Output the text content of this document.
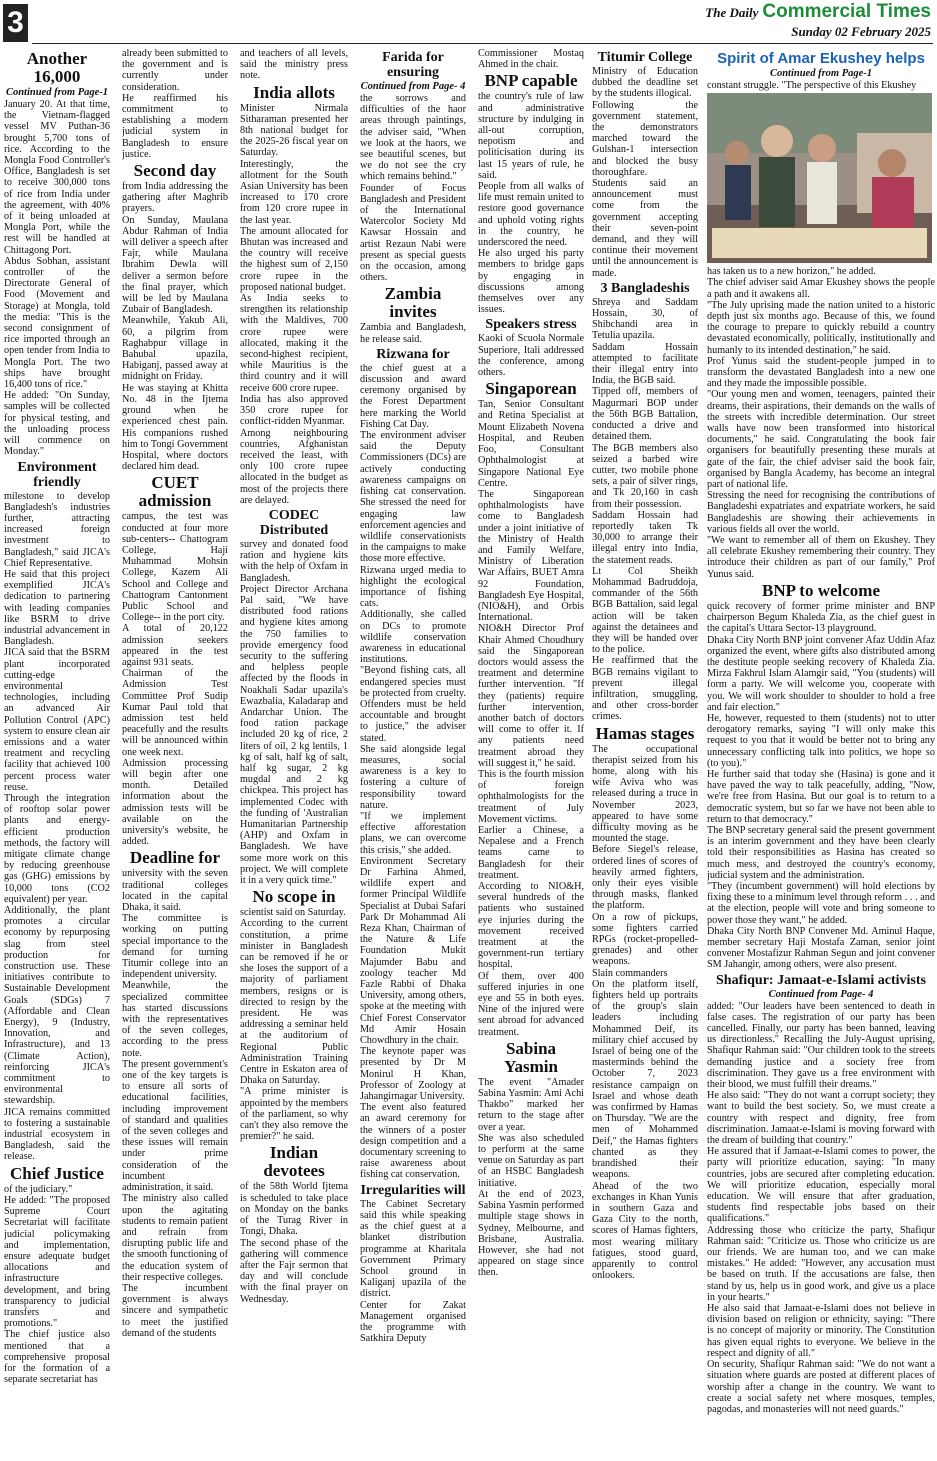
3	The Daily Commercial Times
Sunday 02 February 2025
Another 16,000
Continued from Page-1

January 20. At that time, the Vietnam-flagged vessel MV Puthan-36 brought 5,700 tons of rice. According to the Mongla Food Controller's Office, Bangladesh is set to receive 300,000 tons of rice from India under the agreement, with 40% of it being unloaded at Mongla Port, while the rest will be handled at Chittagong Port.

Abdus Sobhan, assistant controller of the Directorate General of Food (Movement and Storage) at Mongla, told the media: "This is the second consignment of rice imported through an open tender from India to Mongla Port. The two ships have brought 16,400 tons of rice."

He added: "On Sunday, samples will be collected for physical testing, and the unloading process will commence on Monday."

Environment friendly

milestone to develop Bangladesh's industries further, attracting increased foreign investment to Bangladesh," said JICA's Chief Representative.

He said that this project exemplified JICA's dedication to partnering with leading companies like BSRM to drive industrial advancement in Bangladesh.

JICA said that the BSRM plant incorporated cutting-edge environmental technologies, including an advanced Air Pollution Control (APC) system to ensure clean air emissions and a water treatment and recycling facility that achieved 100 percent process water reuse.

Through the integration of rooftop solar power plants and energy-efficient production methods, the factory will mitigate climate change by reducing greenhouse gas (GHG) emissions by 10,000 tons (CO2 equivalent) per year.

Additionally, the plant promotes a circular economy by repurposing slag from steel production for construction use. These initiatives contribute to Sustainable Development Goals (SDGs) 7 (Affordable and Clean Energy), 9 (Industry, Innovation, and Infrastructure), and 13 (Climate Action), reinforcing JICA's commitment to environmental stewardship.

JICA remains committed to fostering a sustainable industrial ecosystem in Bangladesh, said the release.

Chief Justice

of the judiciary."

He added: "The proposed Supreme Court Secretariat will facilitate judicial policymaking and implementation, ensure adequate budget allocations and infrastructure development, and bring transparency to judicial transfers and promotions."

The chief justice also mentioned that a comprehensive proposal for the formation of a separate secretariat has

already been submitted to the government and is currently under consideration.

He reaffirmed his commitment to establishing a modern judicial system in Bangladesh to ensure justice.

Second day

from India addressing the gathering after Maghrib prayers.

On Sunday, Maulana Abdur Rahman of India will deliver a speech after Fajr, while Maulana Ibrahim Dewla will deliver a sermon before the final prayer, which will be led by Maulana Zubair of Bangladesh.

Meanwhile, Yakub Ali, 60, a pilgrim from Raghabpur village in Bahubal upazila, Habiganj, passed away at midnight on Friday.

He was staying at Khitta No. 48 in the Ijtema ground when he experienced chest pain. His companions rushed him to Tongi Government Hospital, where doctors declared him dead.

CUET admission

campus, the test was conducted at four more sub-centers-- Chattogram College, Haji Muhammad Mohsin College, Kazem Ali School and College and Chattogram Cantonment Public School and College-- in the port city.

A total of 20,122 admission seekers appeared in the test against 931 seats.

Chairman of the Admission Test Committee Prof Sudip Kumar Paul told that admission test held peacefully and the results will be announced within one week next.

Admission processing will begin after one month. Detailed information about the admission tests will be available on the university's website, he added.

Deadline for

university with the seven traditional colleges located in the capital Dhaka, it said.

The committee is working on putting special importance to the demand for turning Titumir college into an independent university.

Meanwhile, the specialized committee has started discussions with the representatives of the seven colleges, according to the press note.

The present government's one of the key targets is to ensure all sorts of educational facilities, including improvement of standard and qualities of the seven colleges and these issues will remain under prime consideration of the incumbent administration, it said.

The ministry also called upon the agitating students to remain patient and refrain from disrupting public life and the smooth functioning of the education system of their respective colleges.

The incumbent government is always sincere and sympathetic to meet the justified demand of the students

and teachers of all levels, said the ministry press note.

India allots

Minister Nirmala Sitharaman presented her 8th national budget for the 2025-26 fiscal year on Saturday.

Interestingly, the allotment for the South Asian University has been increased to 170 crore from 120 crore rupee in the last year.

The amount allocated for Bhutan was increased and the country will receive the highest sum of 2,150 crore rupee in the proposed national budget.

As India seeks to strengthen its relationship with the Maldives, 700 crore rupee were allocated, making it the second-highest recipient, while Mauritius is the third country and it will receive 600 crore rupee.

India has also approved 350 crore rupee for conflict-ridden Myanmar.

Among neighbouring countries, Afghanistan received the least, with only 100 crore rupee allocated in the budget as most of the projects there are delayed.

CODEC Distributed

survey and donated food ration and hygiene kits with the help of Oxfam in Bangladesh.

Project Director Archana Pal said, "We have distributed food rations and hygiene kites among the 750 families to provide emergency food security to the suffering and helpless people affected by the floods in Noakhali Sadar upazila's Ewazbalia, Kaladarap and Andarchar Union. The food ration package included 20 kg of rice, 2 liters of oil, 2 kg lentils, 1 kg of salt, half kg of salt, half kg sugar, 2 kg mugdal and 2 kg chickpea. This project has implemented Codec with the funding of 'Australian Humanitarian Partnership (AHP) and Oxfam in Bangladesh. We have some more work on this project. We will complete it in a very quick time."

No scope in

scientist said on Saturday.

According to the current constitution, a prime minister in Bangladesh can be removed if he or she loses the support of a majority of parliament members, resigns or is directed to resign by the president. He was addressing a seminar held at the auditorium of Regional Public Administration Training Centre in Eskaton area of Dhaka on Saturday.

"A prime minister is appointed by the members of the parliament, so why can't they also remove the premier?" he said.

Indian devotees

of the 58th World Ijtema is scheduled to take place on Monday on the banks of the Turag River in Tongi, Dhaka.

The second phase of the gathering will commence after the Fajr sermon that day and will conclude with the final prayer on Wednesday.

Farida for ensuring
Continued from Page- 4

the sorrows and difficulties of the haor areas through paintings, the adviser said, "When we look at the haors, we see beautiful scenes, but we do not see the cry which remains behind."

Founder of Focus Bangladesh and President of the International Watercolor Society Md Kawsar Hossain and artist Rezaun Nabi were present as special guests on the occasion, among others.

Zambia invites

Zambia and Bangladesh, he release said.

Rizwana for

the chief guest at a discussion and award ceremony organised by the Forest Department here marking the World Fishing Cat Day.

The environment adviser said the Deputy Commissioners (DCs) are actively conducting awareness campaigns on fishing cat conservation. She stressed the need for engaging law enforcement agencies and wildlife conservationists in the campaigns to make those more effective.

Rizwana urged media to highlight the ecological importance of fishing cats.

Additionally, she called on DCs to promote wildlife conservation awareness in educational institutions.

"Beyond fishing cats, all endangered species must be protected from cruelty. Offenders must be held accountable and brought to justice," the adviser stated.

She said alongside legal measures, social awareness is a key to fostering a culture of responsibility toward nature.

"If we implement effective afforestation plans, we can overcome this crisis," she added.

Environment Secretary Dr Farhina Ahmed, wildlife expert and former Principal Wildlife Specialist at Dubai Safari Park Dr Mohammad Ali Reza Khan, Chairman of the Nature & Life Foundation Mukit Majumder Babu and zoology teacher Md Fazle Rabbi of Dhaka University, among others, spoke at the meeting with Chief Forest Conservator Md Amir Hosain Chowdhury in the chair.

The keynote paper was presented by Dr M Monirul H Khan, Professor of Zoology at Jahangirnagar University.

The event also featured an award ceremony for the winners of a poster design competition and a documentary screening to raise awareness about fishing cat conservation.

Irregularities will

The Cabinet Secretary said this while speaking as the chief guest at a blanket distribution programme at Kharitala Government Primary School ground in Kaliganj upazila of the district.

Center for Zakat Management organised the programme with Satkhira Deputy

Commissioner Mostaq Ahmed in the chair.

BNP capable

the country's rule of law and administrative structure by indulging in all-out corruption, nepotism and politicisation during its last 15 years of rule, he said.

People from all walks of life must remain united to restore good governance and uphold voting rights in the country, he underscored the need.

He also urged his party members to bridge gaps by engaging in discussions among themselves over any issues.

Speakers stress

Kaoki of Scuola Normale Superiore, Itali addressed the conference, among others.

Singaporean

Tan, Senior Consultant and Retina Specialist at Mount Elizabeth Novena Hospital, and Reuben Foo, Consultant Ophthalmologist at Singapore National Eye Centre.

The Singaporean ophthalmologists have come to Bangladesh under a joint initiative of the Ministry of Health and Family Welfare, Ministry of Liberation War Affairs, BUET Amra 92 Foundation, Bangladesh Eye Hospital, (NIO&H), and Orbis International.

NIO&H Director Prof Khair Ahmed Choudhury said the Singaporean doctors would assess the treatment and determine further intervention. "If they (patients) require further intervention, another batch of doctors will come to offer it. If any patients need treatment abroad they will suggest it," he said.

This is the fourth mission of foreign ophthalmologists for the treatment of July Movement victims.

Earlier a Chinese, a Nepalese and a French teams came to Bangladesh for their treatment.

According to NIO&H, several hundreds of the patients who sustained eye injuries during the movement received treatment at the government-run tertiary hospital.

Of them, over 400 suffered injuries in one eye and 55 in both eyes. Nine of the injured were sent abroad for advanced treatment.

Sabina Yasmin

The event "Amader Sabina Yasmin: Ami Achi Thakbo" marked her return to the stage after over a year.

She was also scheduled to perform at the same venue on Saturday as part of an HSBC Bangladesh initiative.

At the end of 2023, Sabina Yasmin performed multiple stage shows in Sydney, Melbourne, and Brisbane, Australia. However, she had not appeared on stage since then.

Titumir College

Ministry of Education dubbed the deadline set by the students illogical.

Following the government statement, the demonstrators marched toward the Gulshan-1 intersection and blocked the busy thoroughfare.

Students said an announcement must come from the government accepting their seven-point demand, and they will continue their movement until the announcement is made.

3 Bangladeshis

Shreya and Saddam Hossain, 30, of Shibchandi area in Tetulia upazila.

Saddam Hossain attempted to facilitate their illegal entry into India, the BGB said.

Tipped off, members of Magurmari BOP under the 56th BGB Battalion, conducted a drive and detained them.

The BGB members also seized a barbed wire cutter, two mobile phone sets, a pair of silver rings, and Tk 20,160 in cash from their possession.

Saddam Hossain had reportedly taken Tk 30,000 to arrange their illegal entry into India, the statement reads.

Lt Col Sheikh Mohammad Badruddoja, commander of the 56th BGB Battalion, said legal action will be taken against the detainees and they will be handed over to the police.

He reaffirmed that the BGB remains vigilant to prevent illegal infiltration, smuggling, and other cross-border crimes.

Hamas stages

The occupational therapist seized from his home, along with his wife Aviva who was released during a truce in November 2023, appeared to have some difficulty moving as he mounted the stage.

Before Siegel's release, ordered lines of scores of heavily armed fighters, only their eyes visible through masks, flanked the platform.

On a row of pickups, some fighters carried RPGs (rocket-propelled-grenades) and other weapons.

Slain commanders

On the platform itself, fighters held up portraits of the group's slain leaders including Mohammed Deif, its military chief accused by Israel of being one of the masterminds behind the October 7, 2023 resistance campaign on Israel and whose death was confirmed by Hamas on Thursday. "We are the men of Mohammed Deif," the Hamas fighters chanted as they brandished their weapons.

Ahead of the two exchanges in Khan Yunis in southern Gaza and Gaza City to the north, scores of Hamas fighters, most wearing military fatigues, stood guard, apparently to control onlookers.

Spirit of Amar Ekushey helps
Continued from Page-1

constant struggle. "The perspective of this Ekushey

has taken us to a new horizon," he added.

The chief adviser said Amar Ekushey shows the people a path and it awakens all.

"The July uprising made the nation united to a historic depth just six months ago. Because of this, we found the courage to prepare to quickly rebuild a country devastated economically, politically, institutionally and humanly to its intended destination," he said.

Prof Yunus said the student-people jumped in to transform the devastated Bangladesh into a new one and they made the impossible possible.

"Our young men and women, teenagers, painted their dreams, their aspirations, their demands on the walls of the streets with incredible determination. Our street walls have now been transformed into historical documents," he said. Congratulating the book fair organisers for beautifully presenting these murals at gate of the fair, the chief adviser said the book fair, organised by Bangla Academy, has become an integral part of national life.

Stressing the need for recognising the contributions of Bangladeshi expatriates and expatriate workers, he said Bangladeshis are showing their achievements in various fields all over the world.

"We want to remember all of them on Ekushey. They all celebrate Ekushey remembering their country. They introduce their children as part of our family," Prof Yunus said.

BNP to welcome

quick recovery of former prime minister and BNP chairperson Begum Khaleda Zia, as the chief guest in the capital's Uttara Sector-13 playground.

Dhaka City North BNP joint convener Afaz Uddin Afaz organized the event, where gifts also distributed among the destitute people seeking recovery of Khaleda Zia. Mirza Fakhrul Islam Alamgir said, "You (students) will form a party. We will welcome you, cooperate with you. We will work shoulder to shoulder to hold a free and fair election."

He, however, requested to them (students) not to utter derogatory remarks, saying "I will only make this request to you that it would be better not to bring any unnecessary conflicting talk into politics, we hope so (to you)."

He further said that today she (Hasina) is gone and it have paved the way to talk peacefully, adding, "Now, we're free from Hasina. But our goal is to return to a democratic system, but so far we have not been able to return to that democracy."

The BNP secretary general said the present government is an interim government and they have been clearly told their responsibilities as Hasina has created so much mess, and destroyed the country's economy, judicial system and the administration.

"They (incumbent government) will hold elections by fixing these to a minimum level through reform . . . and at the election, people will vote and bring someone to power those they want," he added.

Dhaka City North BNP Convener Md. Aminul Haque, member secretary Haji Mostafa Zaman, senior joint convener Mostafizur Rahman Segun and joint convener SM Jahangir, among others, were also present.

Shafiqur: Jamaat-e-Islami activists
Continued from Page- 4

added: "Our leaders have been sentenced to death in false cases. The registration of our party has been cancelled. Finally, our party has been banned, leaving us directionless." Recalling the July-August uprising, Shafiqur Rahman said: "Our children took to the streets demanding justice and a society free from discrimination. They gave us a free environment with their blood, we must fulfill their dreams."

He also said: "They do not want a corrupt society; they want to build the best society. So, we must create a country with respect and dignity, free from discrimination. Jamaat-e-Islami is moving forward with the dream of building that country."

He assured that if Jamaat-e-Islami comes to power, the party will prioritize education, saying: "In many countries, jobs are secured after completing education. We will prioritize education, especially moral education. We will ensure that after graduation, students find respectable jobs based on their qualifications."

Addressing those who criticize the party, Shafiqur Rahman said: "Criticize us. Those who criticize us are our friends. We are human too, and we can make mistakes." He added: "However, any accusation must be based on truth. If the accusations are false, then stand by us, help us in good work, and give us a place in your hearts."

He also said that Jamaat-e-Islami does not believe in division based on religion or ethnicity, saying: "There is no concept of majority or minority. The Constitution has given equal rights to everyone. We believe in the respect and dignity of all."

On security, Shafiqur Rahman said: "We do not want a situation where guards are posted at different places of worship after a change in the country. We want to create a social safety net where mosques, temples, pagodas, and monasteries will not need guards."
